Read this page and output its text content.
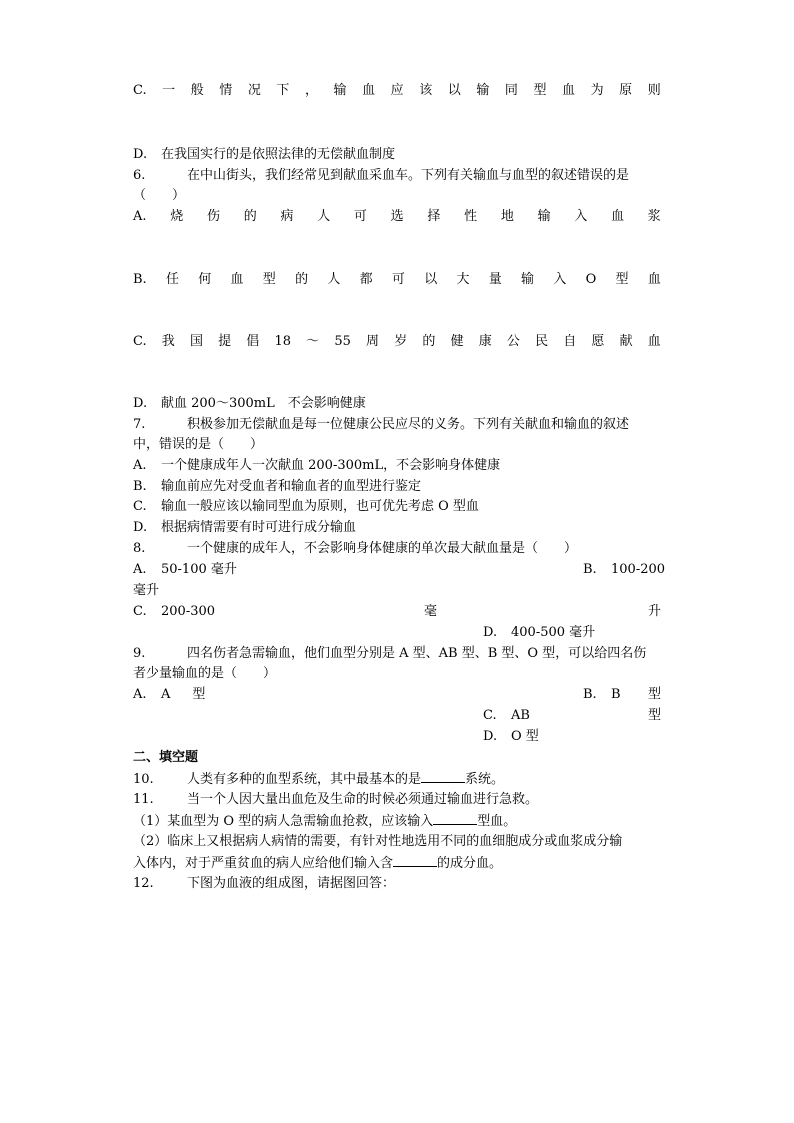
C. 一 般 情 况 下 ， 输 血 应 该 以 输 同 型 血 为 原 则
D. 在我国实行的是依照法律的无偿献血制度
6.	在中山街头，我们经常见到献血采血车。下列有关输血与血型的叙述错误的是
（　　）
A. 烧 伤 的 病 人 可 选 择 性 地 输 入 血 浆
B. 任 何 血 型 的 人 都 可 以 大 量 输 入 O 型 血
C. 我 国 提 倡 18 ～ 55 周 岁 的 健 康 公 民 自 愿 献 血
D. 献血 200～300mL　不会影响健康
7.	积极参加无偿献血是每一位健康公民应尽的义务。下列有关献血和输血的叙述
中，错误的是（　　）
A. 一个健康成年人一次献血 200-300mL，不会影响身体健康
B. 输血前应先对受血者和输血者的血型进行鉴定
C. 输血一般应该以输同型血为原则，也可优先考虑 O 型血
D. 根据病情需要有时可进行成分输血
8.	一个健康的成年人，不会影响身体健康的单次最大献血量是（　　）
A. 50-100 毫升	B. 100-200
毫升
C. 200-300	毫	升
D. 400-500 毫升
9.	四名伤者急需输血，他们血型分别是 A 型、AB 型、B 型、O 型，可以给四名伤
者少量输血的是（　　）
A. A 型	B. B 型
C. AB	型
D. O 型
二、填空题
10.	人类有多种的血型系统，其中最基本的是	系统。
11.	当一个人因大量出血危及生命的时候必须通过输血进行急救。
（1）某血型为 O 型的病人急需输血抢救，应该输入	型血。
（2）临床上又根据病人病情的需要，有针对性地选用不同的血细胞成分或血浆成分输
入体内，对于严重贫血的病人应给他们输入含	的成分血。
12.	下图为血液的组成图，请据图回答：
